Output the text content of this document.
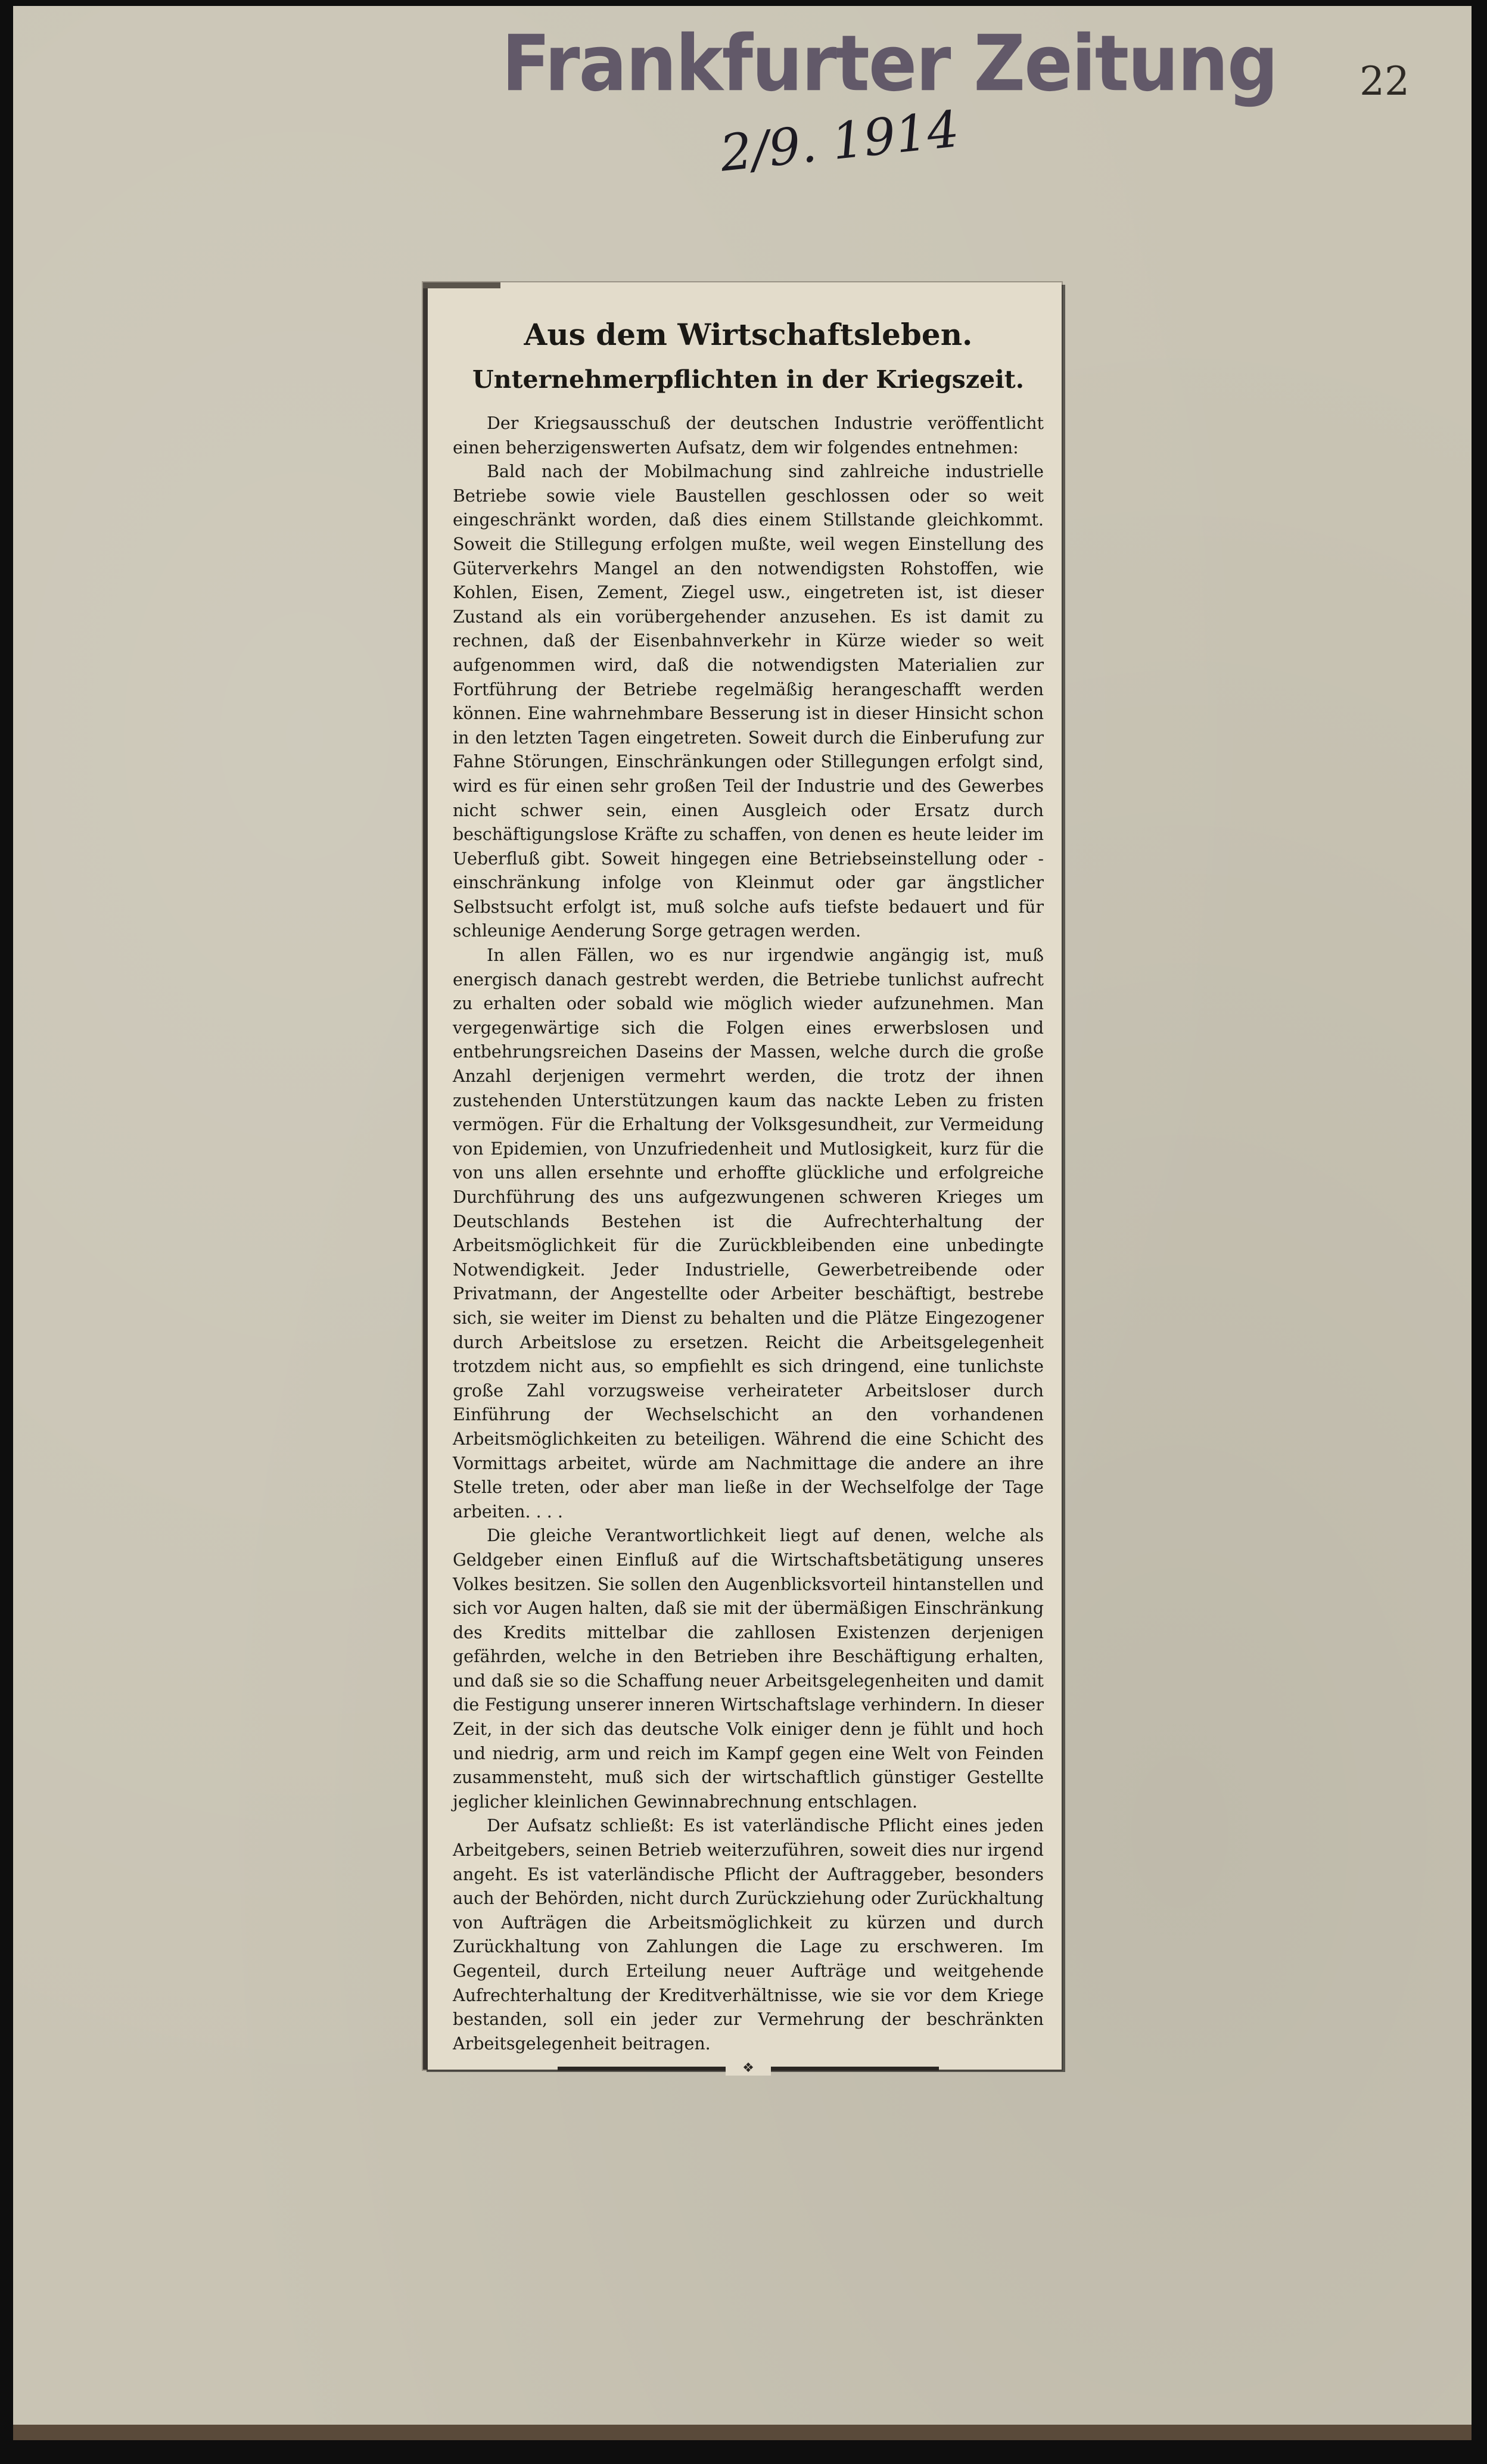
Frankfurter Zeitung
2/9. 1914
22
Aus dem Wirtschaftsleben.
Unternehmerpflichten in der Kriegszeit.

Der Kriegsausschuß der deutschen Industrie veröffentlicht einen beherzigenswerten Aufsatz, dem wir folgendes entnehmen:

Bald nach der Mobilmachung sind zahlreiche industrielle Betriebe sowie viele Baustellen geschlossen oder so weit eingeschränkt worden, daß dies einem Stillstande gleichkommt. Soweit die Stillegung erfolgen mußte, weil wegen Einstellung des Güterverkehrs Mangel an den notwendigsten Rohstoffen, wie Kohlen, Eisen, Zement, Ziegel usw., eingetreten ist, ist dieser Zustand als ein vorübergehender anzusehen. Es ist damit zu rechnen, daß der Eisenbahnverkehr in Kürze wieder so weit aufgenommen wird, daß die notwendigsten Materialien zur Fortführung der Betriebe regelmäßig herangeschafft werden können. Eine wahrnehmbare Besserung ist in dieser Hinsicht schon in den letzten Tagen eingetreten. Soweit durch die Einberufung zur Fahne Störungen, Einschränkungen oder Stillegungen erfolgt sind, wird es für einen sehr großen Teil der Industrie und des Gewerbes nicht schwer sein, einen Ausgleich oder Ersatz durch beschäftigungslose Kräfte zu schaffen, von denen es heute leider im Ueberfluß gibt. Soweit hingegen eine Betriebseinstellung oder -einschränkung infolge von Kleinmut oder gar ängstlicher Selbstsucht erfolgt ist, muß solche aufs tiefste bedauert und für schleunige Aenderung Sorge getragen werden.

In allen Fällen, wo es nur irgendwie angängig ist, muß energisch danach gestrebt werden, die Betriebe tunlichst aufrecht zu erhalten oder sobald wie möglich wieder aufzunehmen. Man vergegenwärtige sich die Folgen eines erwerbslosen und entbehrungsreichen Daseins der Massen, welche durch die große Anzahl derjenigen vermehrt werden, die trotz der ihnen zustehenden Unterstützungen kaum das nackte Leben zu fristen vermögen. Für die Erhaltung der Volksgesundheit, zur Vermeidung von Epidemien, von Unzufriedenheit und Mutlosigkeit, kurz für die von uns allen ersehnte und erhoffte glückliche und erfolgreiche Durchführung des uns aufgezwungenen schweren Krieges um Deutschlands Bestehen ist die Aufrechterhaltung der Arbeitsmöglichkeit für die Zurückbleibenden eine unbedingte Notwendigkeit. Jeder Industrielle, Gewerbetreibende oder Privatmann, der Angestellte oder Arbeiter beschäftigt, bestrebe sich, sie weiter im Dienst zu behalten und die Plätze Eingezogener durch Arbeitslose zu ersetzen. Reicht die Arbeitsgelegenheit trotzdem nicht aus, so empfiehlt es sich dringend, eine tunlichste große Zahl vorzugsweise verheirateter Arbeitsloser durch Einführung der Wechselschicht an den vorhandenen Arbeitsmöglichkeiten zu beteiligen. Während die eine Schicht des Vormittags arbeitet, würde am Nachmittage die andere an ihre Stelle treten, oder aber man ließe in der Wechselfolge der Tage arbeiten. . . .

Die gleiche Verantwortlichkeit liegt auf denen, welche als Geldgeber einen Einfluß auf die Wirtschaftsbetätigung unseres Volkes besitzen. Sie sollen den Augenblicksvorteil hintanstellen und sich vor Augen halten, daß sie mit der übermäßigen Einschränkung des Kredits mittelbar die zahllosen Existenzen derjenigen gefährden, welche in den Betrieben ihre Beschäftigung erhalten, und daß sie so die Schaffung neuer Arbeitsgelegenheiten und damit die Festigung unserer inneren Wirtschaftslage verhindern. In dieser Zeit, in der sich das deutsche Volk einiger denn je fühlt und hoch und niedrig, arm und reich im Kampf gegen eine Welt von Feinden zusammensteht, muß sich der wirtschaftlich günstiger Gestellte jeglicher kleinlichen Gewinnabrechnung entschlagen.

Der Aufsatz schließt: Es ist vaterländische Pflicht eines jeden Arbeitgebers, seinen Betrieb weiterzuführen, soweit dies nur irgend angeht. Es ist vaterländische Pflicht der Auftraggeber, besonders auch der Behörden, nicht durch Zurückziehung oder Zurückhaltung von Aufträgen die Arbeitsmöglichkeit zu kürzen und durch Zurückhaltung von Zahlungen die Lage zu erschweren. Im Gegenteil, durch Erteilung neuer Aufträge und weitgehende Aufrechterhaltung der Kreditverhältnisse, wie sie vor dem Kriege bestanden, soll ein jeder zur Vermehrung der beschränkten Arbeitsgelegenheit beitragen.

❖
